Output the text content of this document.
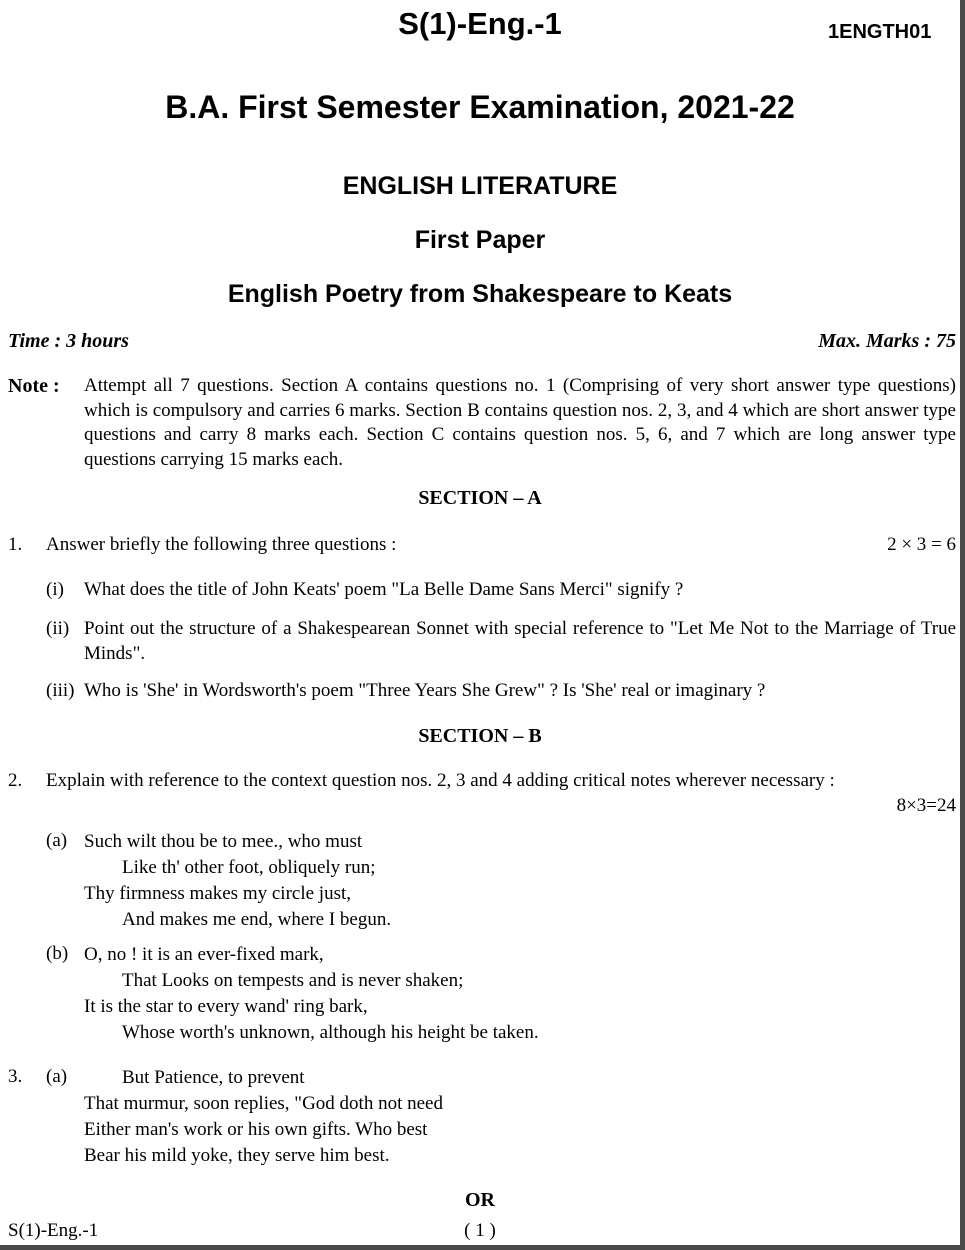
S(1)-Eng.-1	1ENGTH01
B.A. First Semester Examination, 2021-22
ENGLISH LITERATURE
First Paper
English Poetry from Shakespeare to Keats
Time : 3 hours	Max. Marks : 75
Note : Attempt all 7 questions. Section A contains questions no. 1 (Comprising of very short answer type questions) which is compulsory and carries 6 marks. Section B contains question nos. 2, 3, and 4 which are short answer type questions and carry 8 marks each. Section C contains question nos. 5, 6, and 7 which are long answer type questions carrying 15 marks each.
SECTION – A
1. Answer briefly the following three questions :	2 × 3 = 6
(i) What does the title of John Keats' poem "La Belle Dame Sans Merci" signify ?
(ii) Point out the structure of a Shakespearean Sonnet with special reference to "Let Me Not to the Marriage of True Minds".
(iii) Who is 'She' in Wordsworth's poem "Three Years She Grew" ? Is 'She' real or imaginary ?
SECTION – B
2. Explain with reference to the context question nos. 2, 3 and 4 adding critical notes wherever necessary :
8×3=24
(a) Such wilt thou be to mee., who must
Like th' other foot, obliquely run;
Thy firmness makes my circle just,
And makes me end, where I begun.
(b) O, no ! it is an ever-fixed mark,
That Looks on tempests and is never shaken;
It is the star to every wand' ring bark,
Whose worth's unknown, although his height be taken.
3. (a)	But Patience, to prevent
That murmur, soon replies, "God doth not need
Either man's work or his own gifts. Who best
Bear his mild yoke, they serve him best.
OR
S(1)-Eng.-1	( 1 )
